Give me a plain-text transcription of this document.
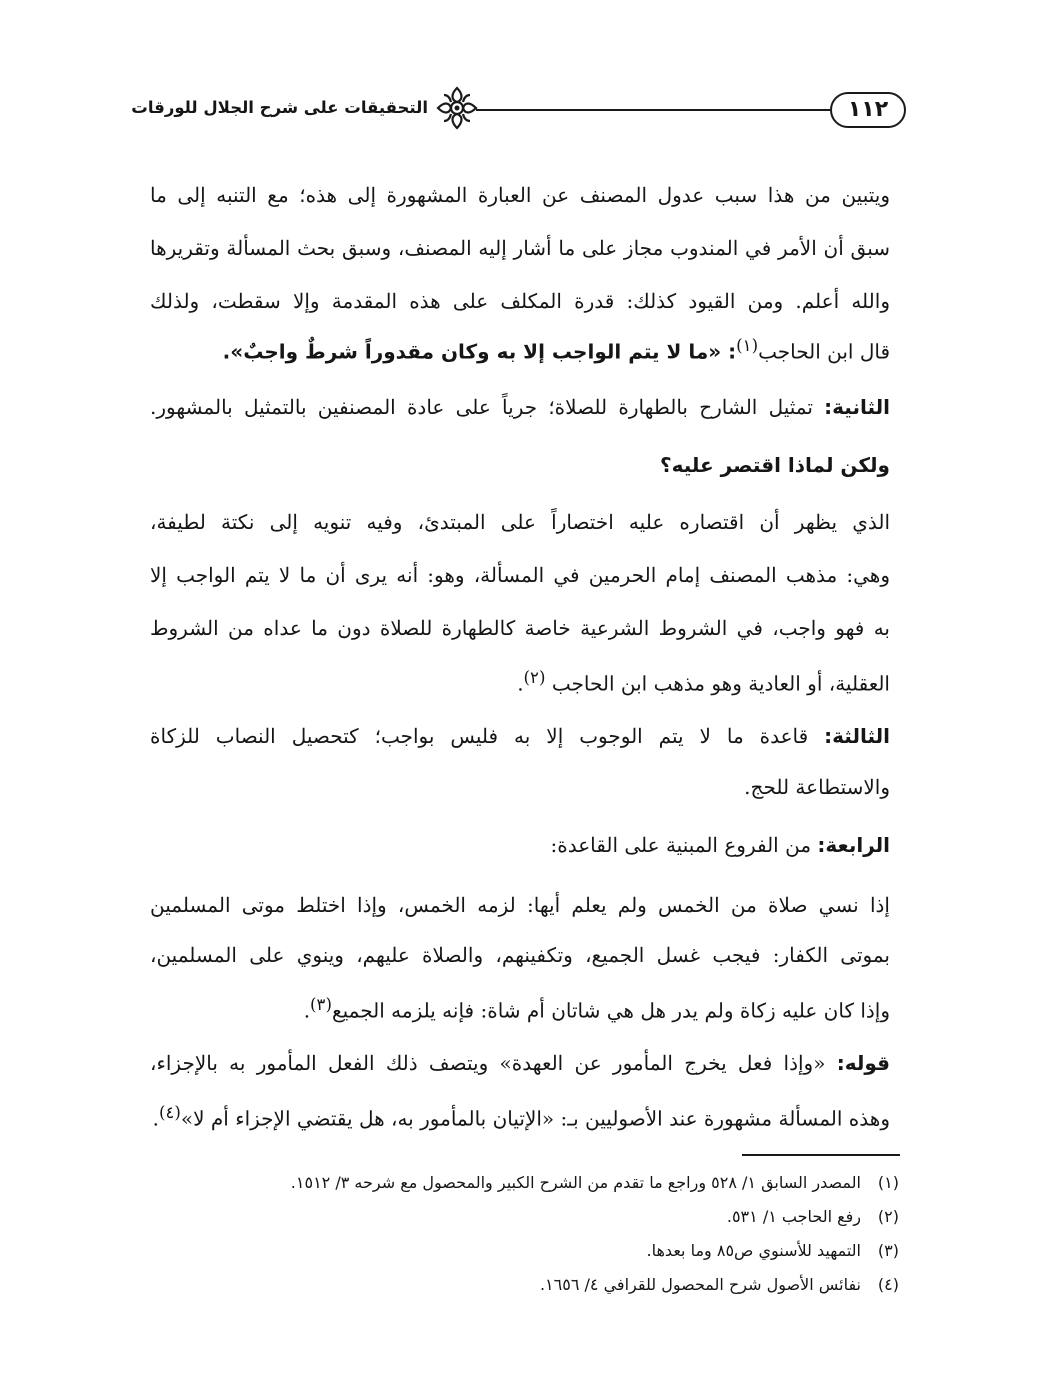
١١٢
التحقيقات على شرح الجلال للورقات
ويتبين من هذا سبب عدول المصنف عن العبارة المشهورة إلى هذه؛ مع التنبه إلى ما
سبق أن الأمر في المندوب مجاز على ما أشار إليه المصنف، وسبق بحث المسألة وتقريرها
والله أعلم. ومن القيود كذلك: قدرة المكلف على هذه المقدمة وإلا سقطت، ولذلك
قال ابن الحاجب$^{(١)}$: «ما لا يتم الواجب إلا به وكان مقدوراً شرطٌ واجبٌ».
الثانية: تمثيل الشارح بالطهارة للصلاة؛ جرياً على عادة المصنفين بالتمثيل بالمشهور.
ولكن لماذا اقتصر عليه؟
الذي يظهر أن اقتصاره عليه اختصاراً على المبتدئ، وفيه تنويه إلى نكتة لطيفة،
وهي: مذهب المصنف إمام الحرمين في المسألة، وهو: أنه يرى أن ما لا يتم الواجب إلا
به فهو واجب، في الشروط الشرعية خاصة كالطهارة للصلاة دون ما عداه من الشروط
العقلية، أو العادية وهو مذهب ابن الحاجب $^{(٢)}$.
الثالثة: قاعدة ما لا يتم الوجوب إلا به فليس بواجب؛ كتحصيل النصاب للزكاة
والاستطاعة للحج.
الرابعة: من الفروع المبنية على القاعدة:
إذا نسي صلاة من الخمس ولم يعلم أيها: لزمه الخمس، وإذا اختلط موتى المسلمين
بموتى الكفار: فيجب غسل الجميع، وتكفينهم، والصلاة عليهم، وينوي على المسلمين،
وإذا كان عليه زكاة ولم يدر هل هي شاتان أم شاة: فإنه يلزمه الجميع$^{(٣)}$.
قوله: «وإذا فعل يخرج المأمور عن العهدة» ويتصف ذلك الفعل المأمور به بالإجزاء،
وهذه المسألة مشهورة عند الأصوليين بـ: «الإتيان بالمأمور به، هل يقتضي الإجزاء أم لا»$^{(٤)}$.
(١)المصدر السابق ١/ ٥٢٨ وراجع ما تقدم من الشرح الكبير والمحصول مع شرحه ٣/ ١٥١٢.
(٢)رفع الحاجب ١/ ٥٣١.
(٣)التمهيد للأسنوي ص٨٥ وما بعدها.
(٤)نفائس الأصول شرح المحصول للقرافي ٤/ ١٦٥٦.
